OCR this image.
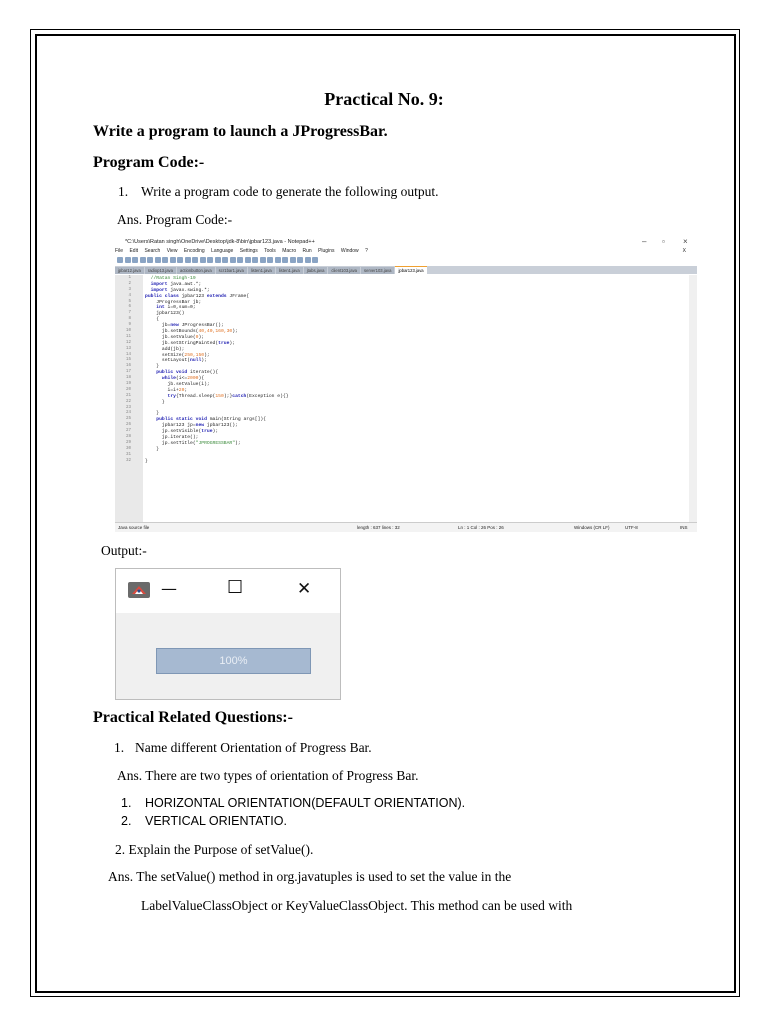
Practical No. 9:
Write a program to launch a JProgressBar.
Program Code:-
1. Write a program code to generate the following output.
Ans. Program Code:-
*C:\Users\Ratan singh\OneDrive\Desktop\jdk-8\bin\jpbar123.java - Notepad++	– ▫ ×
File Edit Search View Encoding Language Settings Tools Macro Run Plugins Window ?	X
jpbar12.java radiop13.java actionbutton.java scr1bar1.java listen1.java listen1.java jtabs.java client103.java server103.java jpbar123.java
1
2
3
4
5
6
7
8
9
10
11
12
13
14
15
16
17
18
19
20
21
22
23
24
25
26
27
28
29
30
31
32
//Ratan Singh-19
import java.awt.*;
import javax.swing.*;
public class jpbar123 extends JFrame{
JProgressBar jb;
int i=0,sum=0;
jpbar123()
{
jb=new JProgressBar();
jb.setBounds(40,40,160,30);
jb.setValue(0);
jb.setStringPainted(true);
add(jb);
setSize(250,150);
setLayout(null);
}
public void iterate(){
while(i<=2000){
jb.setValue(i);
i=i+20;
try{Thread.sleep(150);}catch(Exception e){}
}
}
public static void main(String args[]){
jpbar123 jp=new jpbar123();
jp.setVisible(true);
jp.iterate();
jp.setTitle("JPROGRESSBAR");
}
}
Java source file	length : 637 lines : 32	Ln : 1 Col : 26 Pos : 26	Windows (CR LF)	UTF-8	INS
Output:-
—	☐	✕
100%
Practical Related Questions:-
1. Name different Orientation of Progress Bar.
Ans. There are two types of orientation of Progress Bar.
1. HORIZONTAL ORIENTATION(DEFAULT ORIENTATION).
2. VERTICAL ORIENTATIO.
2. Explain the Purpose of setValue().
Ans. The setValue() method in org.javatuples is used to set the value in the
LabelValueClassObject or KeyValueClassObject. This method can be used with
